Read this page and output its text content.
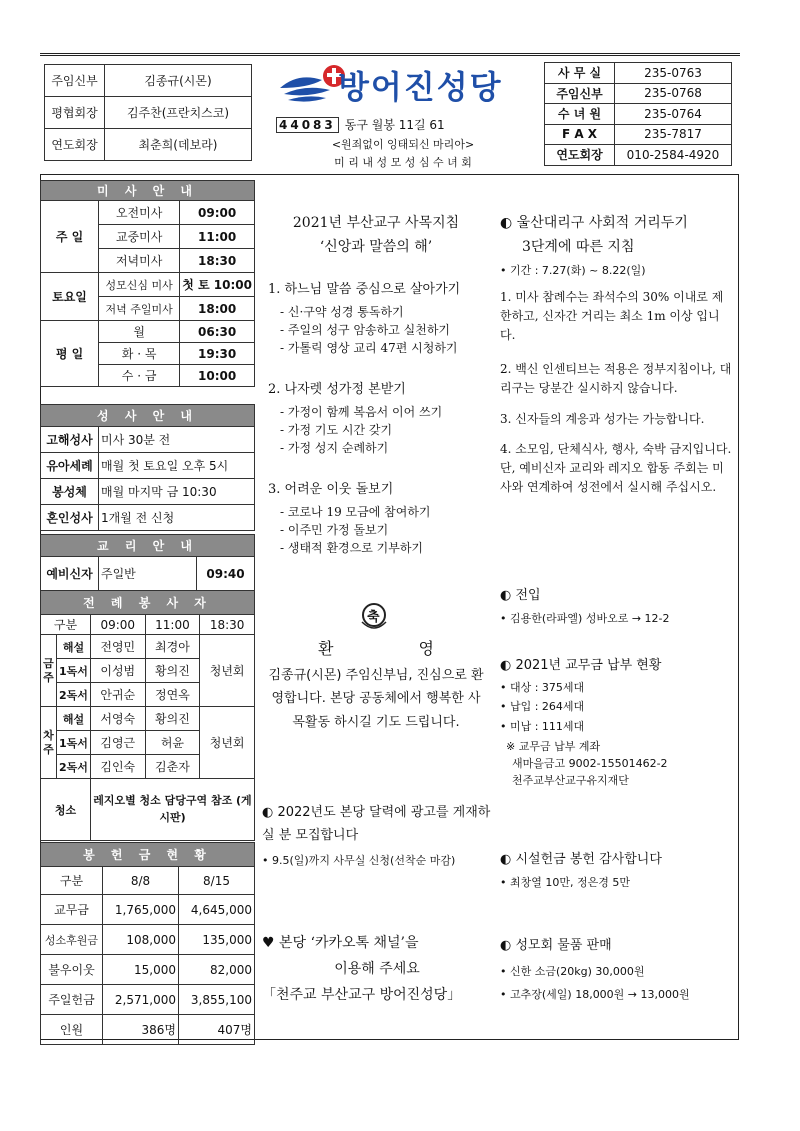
주임신부	김종규(시몬)
평협회장	김주찬(프란치스코)
연도회장	최춘희(데보라)
방어진성당
44083 동구 월봉 11길 61
<원죄없이 잉태되신 마리아>
미 리 내 성 모 성 심 수 녀 회
사 무 실	235-0763
주임신부	235-0768
수 녀 원	235-0764
F A X	235-7817
연도회장	010-2584-4920
미 사 안 내		
주 일	오전미사	09:00
	교중미사	11:00
	저녁미사	18:30
토요일	성모신심 미사	첫 토 10:00
	저녁 주일미사	18:00
평 일	월	06:30
	화 · 목	19:30
	수 · 금	10:00
성 사 안 내	
고해성사	미사 30분 전
유아세례	매월 첫 토요일 오후 5시
봉성체	매월 마지막 금 10:30
혼인성사	1개월 전 신청
교 리 안 내
예비신자	주일반	09:40
전 례 봉 사 자				
구분		09:00	11:00	18:30
금주	해설	전영민	최경아	청년회
	1독서	이성범	황의진	
	2독서	안귀순	정연옥	
차주	해설	서영숙	황의진	청년회
	1독서	김영근	허윤	
	2독서	김인숙	김춘자	
청소		레지오별 청소 담당구역 참조 (게시판)		
봉 헌 금 현 황		
구분	8/8	8/15
교무금	1,765,000	4,645,000
성소후원금	108,000	135,000
불우이웃	15,000	82,000
주일헌금	2,571,000	3,855,100
인원	386명	407명
2021년 부산교구 사목지침
‘신앙과 말씀의 해’
1. 하느님 말씀 중심으로 살아가기
- 신·구약 성경 통독하기
- 주일의 성구 암송하고 실천하기
- 가톨릭 영상 교리 47편 시청하기
2. 나자렛 성가정 본받기
- 가정이 함께 복음서 이어 쓰기
- 가정 기도 시간 갖기
- 가정 성지 순례하기
3. 어려운 이웃 돌보기
- 코로나 19 모금에 참여하기
- 이주민 가정 돌보기
- 생태적 환경으로 기부하기
축
환 영
김종규(시몬) 주임신부님, 진심으로 환영합니다. 본당 공동체에서 행복한 사목활동 하시길 기도 드립니다.
◐ 2022년도 본당 달력에 광고를 게재하실 분 모집합니다
• 9.5(일)까지 사무실 신청(선착순 마감)
♥ 본당 ‘카카오톡 채널’을
이용해 주세요
「천주교 부산교구 방어진성당」
◐ 울산대리구 사회적 거리두기
3단계에 따른 지침
• 기간 : 7.27(화) ~ 8.22(일)
1. 미사 참례수는 좌석수의 30% 이내로 제한하고, 신자간 거리는 최소 1m 이상 입니다.
2. 백신 인센티브는 적용은 정부지침이나, 대리구는 당분간 실시하지 않습니다.
3. 신자들의 계응과 성가는 가능합니다.
4. 소모임, 단체식사, 행사, 숙박 금지입니다. 단, 예비신자 교리와 레지오 합동 주회는 미사와 연계하여 성전에서 실시해 주십시오.
◐ 전입
• 김용한(라파엘) 성바오로 → 12-2
◐ 2021년 교무금 납부 현황
• 대상 : 375세대
• 납입 : 264세대
• 미납 : 111세대
※ 교무금 납부 계좌
새마을금고 9002-15501462-2
천주교부산교구유지재단
◐ 시설헌금 봉헌 감사합니다
• 최창열 10만, 정은경 5만
◐ 성모회 물품 판매
• 신한 소금(20kg) 30,000원
• 고추장(세일) 18,000원 → 13,000원
